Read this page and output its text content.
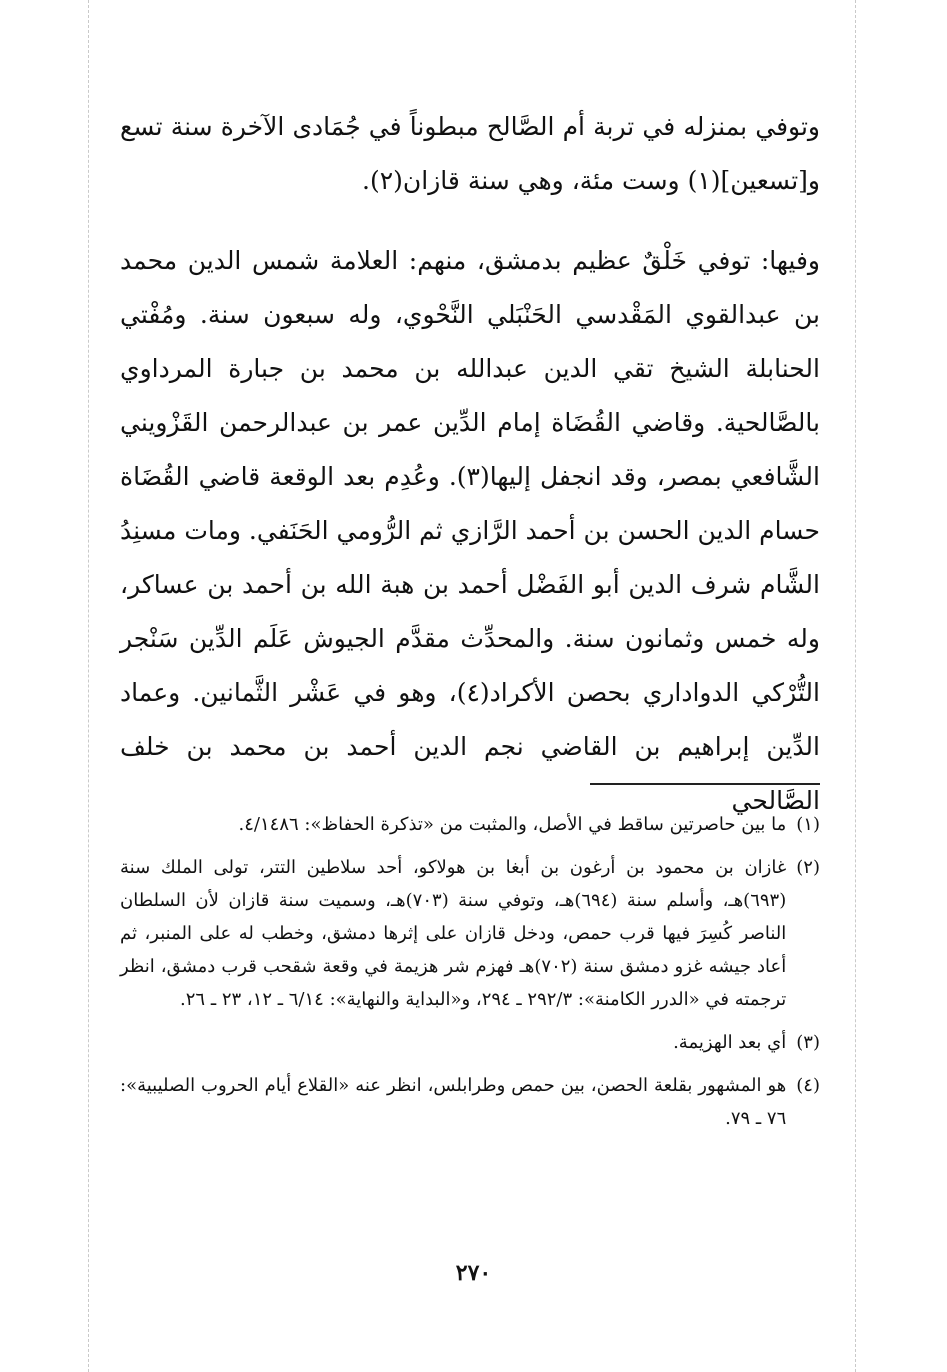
وتوفي بمنزله في تربة أم الصَّالح مبطوناً في جُمَادى الآخرة سنة تسع و[تسعين](١) وست مئة، وهي سنة قازان(٢).

وفيها: توفي خَلْقٌ عظيم بدمشق، منهم: العلامة شمس الدين محمد بن عبدالقوي المَقْدسي الحَنْبَلي النَّحْوي، وله سبعون سنة. ومُفْتي الحنابلة الشيخ تقي الدين عبدالله بن محمد بن جبارة المرداوي بالصَّالحية. وقاضي القُضَاة إمام الدِّين عمر بن عبدالرحمن القَزْويني الشَّافعي بمصر، وقد انجفل إليها(٣). وعُدِم بعد الوقعة قاضي القُضَاة حسام الدين الحسن بن أحمد الرَّازي ثم الرُّومي الحَنَفي. ومات مسنِدُ الشَّام شرف الدين أبو الفَضْل أحمد بن هبة الله بن أحمد بن عساكر، وله خمس وثمانون سنة. والمحدِّث مقدَّم الجيوش عَلَم الدِّين سَنْجر التُّرْكي الدواداري بحصن الأكراد(٤)، وهو في عَشْر الثَّمانين. وعماد الدِّين إبراهيم بن القاضي نجم الدين أحمد بن محمد بن خلف الصَّالحي

(١)
ما بين حاصرتين ساقط في الأصل، والمثبت من «تذكرة الحفاظ»: ٤/١٤٨٦.
(٢)
غازان بن محمود بن أرغون بن أبغا بن هولاكو، أحد سلاطين التتر، تولى الملك سنة (٦٩٣)هـ، وأسلم سنة (٦٩٤)هـ، وتوفي سنة (٧٠٣)هـ، وسميت سنة قازان لأن السلطان الناصر كُسِرَ فيها قرب حمص، ودخل قازان على إثرها دمشق، وخطب له على المنبر، ثم أعاد جيشه غزو دمشق سنة (٧٠٢)هـ فهزم شر هزيمة في وقعة شقحب قرب دمشق، انظر ترجمته في «الدرر الكامنة»: ٢٩٢/٣ ـ ٢٩٤، و«البداية والنهاية»: ٦/١٤ ـ ١٢، ٢٣ ـ ٢٦.
(٣)
أي بعد الهزيمة.
(٤)
هو المشهور بقلعة الحصن، بين حمص وطرابلس، انظر عنه «القلاع أيام الحروب الصليبية»: ٧٦ ـ ٧٩.
٢٧٠
